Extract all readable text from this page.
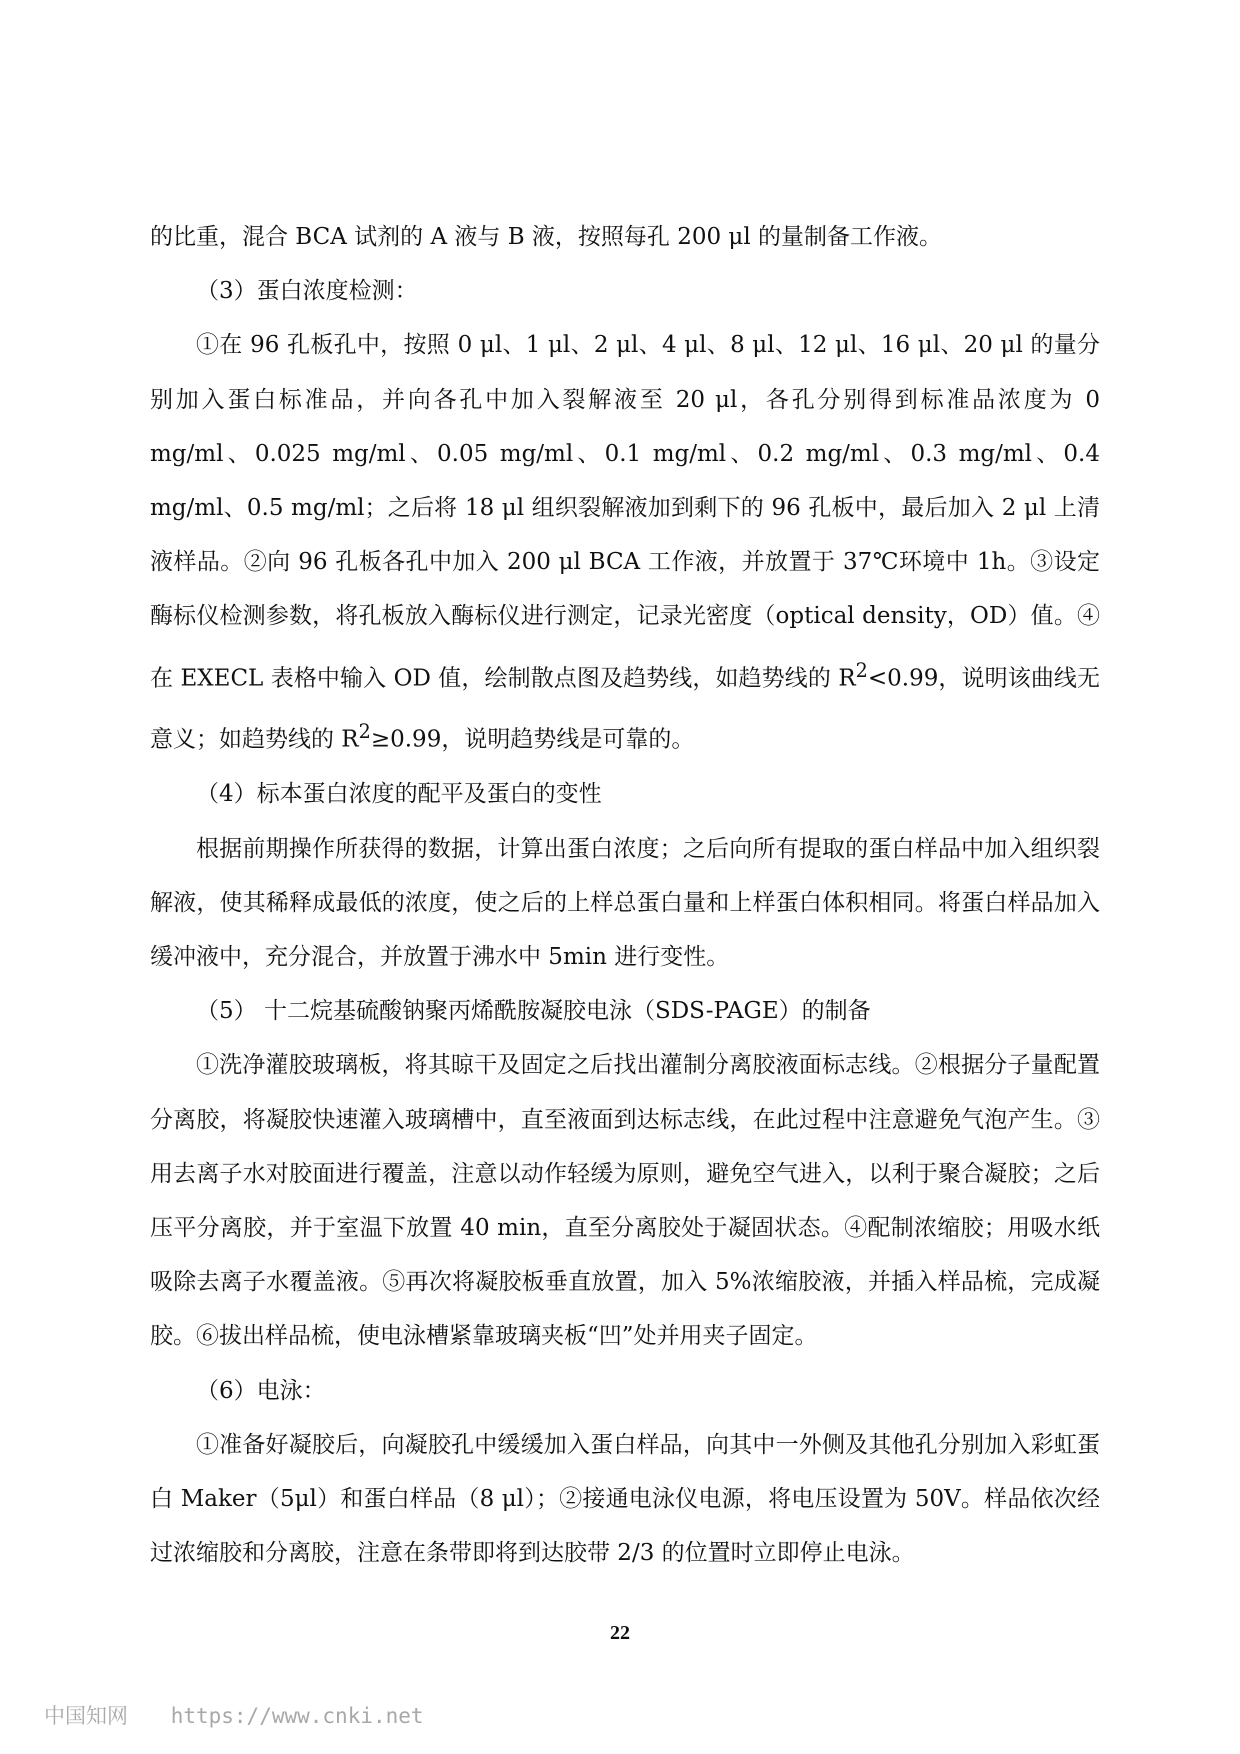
的比重，混合 BCA 试剂的 A 液与 B 液，按照每孔 200 μl 的量制备工作液。

（3）蛋白浓度检测：

①在 96 孔板孔中，按照 0 μl、1 μl、2 μl、4 μl、8 μl、12 μl、16 μl、20 μl 的量分别加入蛋白标准品，并向各孔中加入裂解液至 20 μl，各孔分别得到标准品浓度为 0 mg/ml、0.025 mg/ml、0.05 mg/ml、0.1 mg/ml、0.2 mg/ml、0.3 mg/ml、0.4 mg/ml、0.5 mg/ml；之后将 18 μl 组织裂解液加到剩下的 96 孔板中，最后加入 2 μl 上清液样品。②向 96 孔板各孔中加入 200 μl BCA 工作液，并放置于 37℃环境中 1h。③设定酶标仪检测参数，将孔板放入酶标仪进行测定，记录光密度（optical density，OD）值。④在 EXECL 表格中输入 OD 值，绘制散点图及趋势线，如趋势线的 $R^2<0.99$，说明该曲线无意义；如趋势线的 $R^2\ge 0.99$，说明趋势线是可靠的。

（4）标本蛋白浓度的配平及蛋白的变性

根据前期操作所获得的数据，计算出蛋白浓度；之后向所有提取的蛋白样品中加入组织裂解液，使其稀释成最低的浓度，使之后的上样总蛋白量和上样蛋白体积相同。将蛋白样品加入缓冲液中，充分混合，并放置于沸水中 5min 进行变性。

（5） 十二烷基硫酸钠聚丙烯酰胺凝胶电泳（SDS-PAGE）的制备

①洗净灌胶玻璃板，将其晾干及固定之后找出灌制分离胶液面标志线。②根据分子量配置分离胶，将凝胶快速灌入玻璃槽中，直至液面到达标志线，在此过程中注意避免气泡产生。③用去离子水对胶面进行覆盖，注意以动作轻缓为原则，避免空气进入，以利于聚合凝胶；之后压平分离胶，并于室温下放置 40 min，直至分离胶处于凝固状态。④配制浓缩胶；用吸水纸吸除去离子水覆盖液。⑤再次将凝胶板垂直放置，加入 5%浓缩胶液，并插入样品梳，完成凝胶。⑥拔出样品梳，使电泳槽紧靠玻璃夹板“凹”处并用夹子固定。

（6）电泳：

①准备好凝胶后，向凝胶孔中缓缓加入蛋白样品，向其中一外侧及其他孔分别加入彩虹蛋白 Maker（5μl）和蛋白样品（8 μl）；②接通电泳仪电源，将电压设置为 50V。样品依次经过浓缩胶和分离胶，注意在条带即将到达胶带 2/3 的位置时立即停止电泳。

22
中国知网 https://www.cnki.net
